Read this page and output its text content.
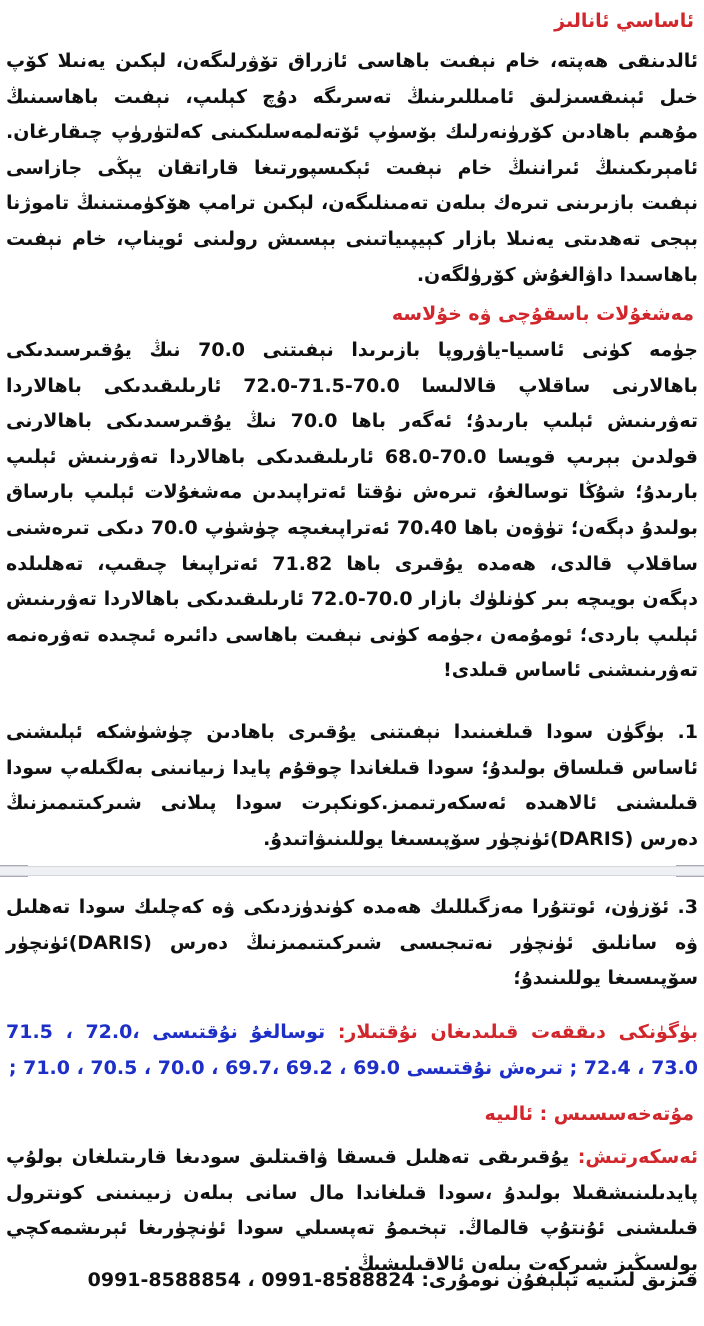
ئاساسي ئانالىز
ئالدىنقى ھەپتە، خام نېفىت باھاسى ئازراق تۆۋرلىگەن، لېكىن يەنىلا كۆپ خىل ئېنىقسىزلىق ئامىللىرىنىڭ تەسرىگە دۇچ كېلىپ، نېفىت باھاسىنىڭ مۇھىم باھادىن كۆرۈنەرلىك بۆسۈپ ئۆتەلمەسلىكىنى كەلتۈرۈپ چىقارغان. ئامېرىكىنىڭ ئىراننىڭ خام نېفىت ئېكىسپورتىغا قاراتقان يېڭى جازاسى نېفىت بازىرىنى تىرەك بىلەن تەمىنلىگەن، لېكىن ترامپ ھۆكۈمىتىنىڭ تاموژنا بېجى تەھدىتى يەنىلا بازار كېيپىياتىنى بېسىش رولىنى ئويناپ، خام نېفىت باھاسىدا داۋالغۇش كۆرۈلگەن.
مەشغۇلات باسقۇچى ۋە خۇلاسە
جۈمە كۈنى ئاسىيا-ياۋروپا بازىرىدا نېفىتنى 70.0 نىڭ يۇقىرسىدىكى باھالارنى ساقلاپ قالالىسا 70.0-71.5-72.0 ئارىلىقىدىكى باھالاردا تەۋرىنىش ئېلىپ بارىدۇ؛ ئەگەر باھا 70.0 نىڭ يۇقىرسىدىكى باھالارنى قولدىن بېرىپ قويسا 70.0-68.0 ئارىلىقىدىكى باھالاردا تەۋرىنىش ئېلىپ بارىدۇ؛ شۇڭا توسالغۇ، تىرەش نۇقتا ئەتراپىدىن مەشغۇلات ئېلىپ بارساق بولىدۇ دېگەن؛ تۈۋەن باھا 70.40 ئەتراپىغىچە چۈشۈپ 70.0 دىكى تىرەشنى ساقلاپ قالدى، ھەمدە يۇقىرى باھا 71.82 ئەتراپىغا چىقىپ، تەھلىلدە دېگەن بويىچە بىر كۈنلۈك بازار 70.0-72.0 ئارىلىقىدىكى باھالاردا تەۋرىنىش ئېلىپ باردى؛ ئومۇمەن ،جۈمە كۈنى نېفىت باھاسى دائىرە ئىچىدە تەۋرەنمە تەۋرىنىشنى ئاساس قىلدى!
1. بۈگۈن سودا قىلغىنىدا نېفىتنى يۇقىرى باھادىن چۈشۈشكە ئېلىشنى ئاساس قىلساق بولىدۇ؛ سودا قىلغاندا چوقۇم پايدا زىيانىنى بەلگىلەپ سودا قىلىشنى ئالاھىدە ئەسكەرتىمىز.كونكېرت سودا پىلانى شىركىتىمىزنىڭ دەرس (DARIS)ئۈنچۈر سۆپىسىغا يوللىنىۋاتىدۇ.
3. ئۆزۈن، ئوتتۇرا مەزگىللىك ھەمدە كۈندۈزدىكى ۋە كەچلىك سودا تەھلىل ۋە سانلىق ئۈنچۈر نەتىجىسى شىركىتىمىزنىڭ دەرس (DARIS)ئۈنچۈر سۆپىسىغا يوللىنىدۇ؛
بۈگۈنكى دىققەت قىلىدىغان نۇقتىلار: توسالغۇ نۇقتىسى 71.5 ، 72.0، 72.4 ، 73.0 ; تىرەش نۇقتىسى 71.0 ، 70.5 ، 70.0 ، 69.7، 69.2 ، 69.0 ;
مۇتەخەسسىس : ئالىيە
ئەسكەرتىش: يۇقىرىقى تەھلىل قىسقا ۋاقىتلىق سودىغا قارىتىلغان بولۇپ پايدىلىنىشقىلا بولىدۇ ،سودا قىلغاندا مال سانى بىلەن زىيىنىنى كونترول قىلىشنى ئۇنتۇپ قالماڭ. تېخىمۇ تەپسىلي سودا ئۈنچۈرىغا ئېرىشمەكچي بولسىڭىز شىركەت بىلەن ئالاقىلىشىڭ .
قىزىق لىنىيە تېلېفۇن نومۇرى: 0991-8588854 ، 0991-8588824
